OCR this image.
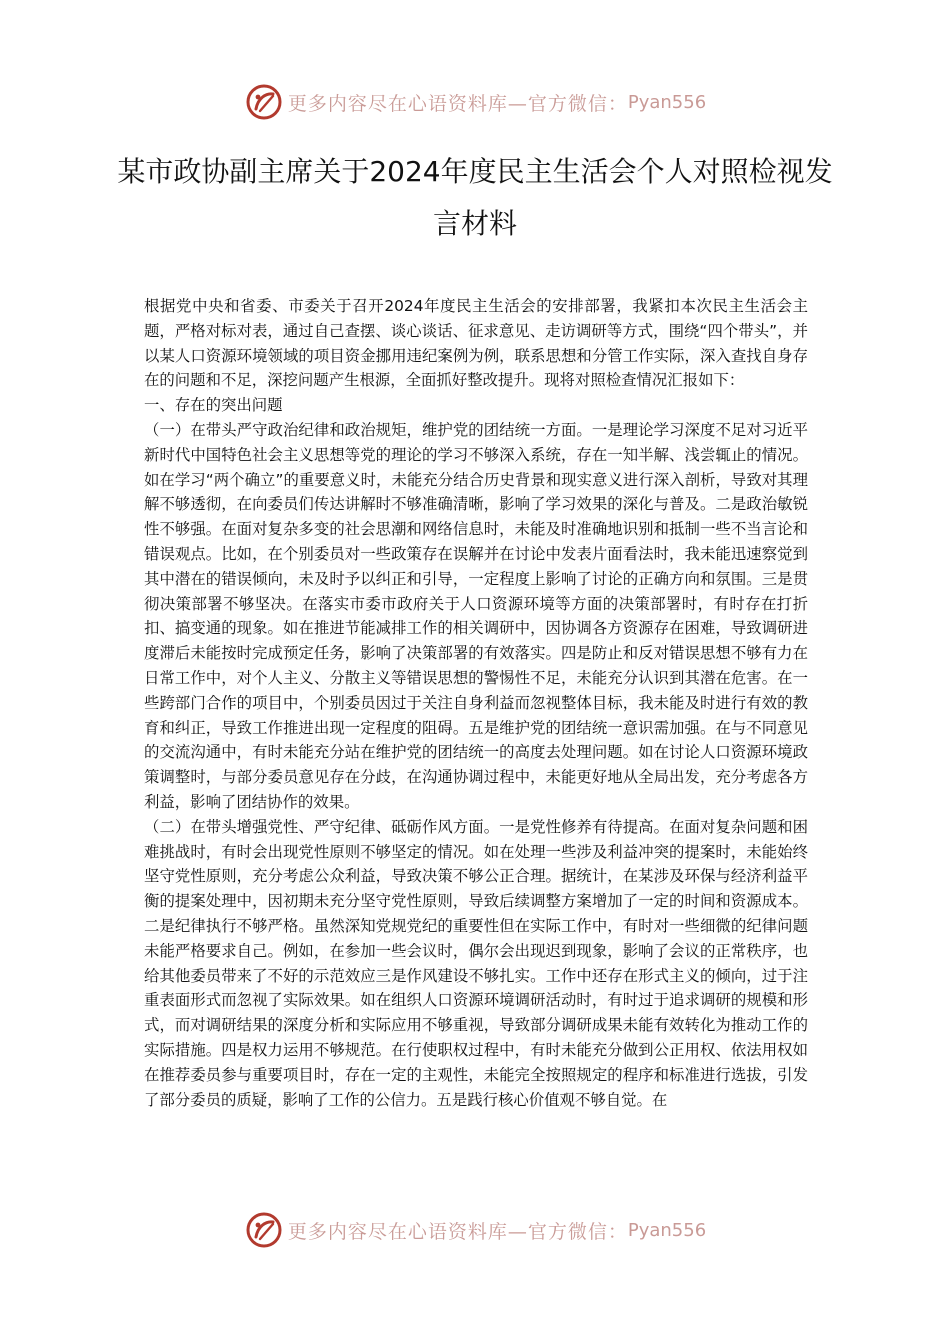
更多内容尽在心语资料库—官方微信： Pyan556
某市政协副主席关于2024年度民主生活会个人对照检视发言材料

根据党中央和省委、市委关于召开2024年度民主生活会的安排部署，我紧扣本次民主生活会主题，严格对标对表，通过自己查摆、谈心谈话、征求意见、走访调研等方式，围绕“四个带头”，并以某人口资源环境领域的项目资金挪用违纪案例为例，联系思想和分管工作实际，深入查找自身存在的问题和不足，深挖问题产生根源，全面抓好整改提升。现将对照检查情况汇报如下：

一、存在的突出问题

（一）在带头严守政治纪律和政治规矩，维护党的团结统一方面。一是理论学习深度不足对习近平新时代中国特色社会主义思想等党的理论的学习不够深入系统，存在一知半解、浅尝辄止的情况。如在学习“两个确立”的重要意义时，未能充分结合历史背景和现实意义进行深入剖析，导致对其理解不够透彻，在向委员们传达讲解时不够准确清晰，影响了学习效果的深化与普及。二是政治敏锐性不够强。在面对复杂多变的社会思潮和网络信息时，未能及时准确地识别和抵制一些不当言论和错误观点。比如，在个别委员对一些政策存在误解并在讨论中发表片面看法时，我未能迅速察觉到其中潜在的错误倾向，未及时予以纠正和引导，一定程度上影响了讨论的正确方向和氛围。三是贯彻决策部署不够坚决。在落实市委市政府关于人口资源环境等方面的决策部署时，有时存在打折扣、搞变通的现象。如在推进节能减排工作的相关调研中，因协调各方资源存在困难，导致调研进度滞后未能按时完成预定任务，影响了决策部署的有效落实。四是防止和反对错误思想不够有力在日常工作中，对个人主义、分散主义等错误思想的警惕性不足，未能充分认识到其潜在危害。在一些跨部门合作的项目中，个别委员因过于关注自身利益而忽视整体目标，我未能及时进行有效的教育和纠正，导致工作推进出现一定程度的阻碍。五是维护党的团结统一意识需加强。在与不同意见的交流沟通中，有时未能充分站在维护党的团结统一的高度去处理问题。如在讨论人口资源环境政策调整时，与部分委员意见存在分歧，在沟通协调过程中，未能更好地从全局出发，充分考虑各方利益，影响了团结协作的效果。

（二）在带头增强党性、严守纪律、砥砺作风方面。一是党性修养有待提高。在面对复杂问题和困难挑战时，有时会出现党性原则不够坚定的情况。如在处理一些涉及利益冲突的提案时，未能始终坚守党性原则，充分考虑公众利益，导致决策不够公正合理。据统计，在某涉及环保与经济利益平衡的提案处理中，因初期未充分坚守党性原则，导致后续调整方案增加了一定的时间和资源成本。二是纪律执行不够严格。虽然深知党规党纪的重要性但在实际工作中，有时对一些细微的纪律问题未能严格要求自己。例如，在参加一些会议时，偶尔会出现迟到现象，影响了会议的正常秩序，也给其他委员带来了不好的示范效应三是作风建设不够扎实。工作中还存在形式主义的倾向，过于注重表面形式而忽视了实际效果。如在组织人口资源环境调研活动时，有时过于追求调研的规模和形式，而对调研结果的深度分析和实际应用不够重视，导致部分调研成果未能有效转化为推动工作的实际措施。四是权力运用不够规范。在行使职权过程中，有时未能充分做到公正用权、依法用权如在推荐委员参与重要项目时，存在一定的主观性，未能完全按照规定的程序和标准进行选拔，引发了部分委员的质疑，影响了工作的公信力。五是践行核心价值观不够自觉。在

更多内容尽在心语资料库—官方微信： Pyan556
